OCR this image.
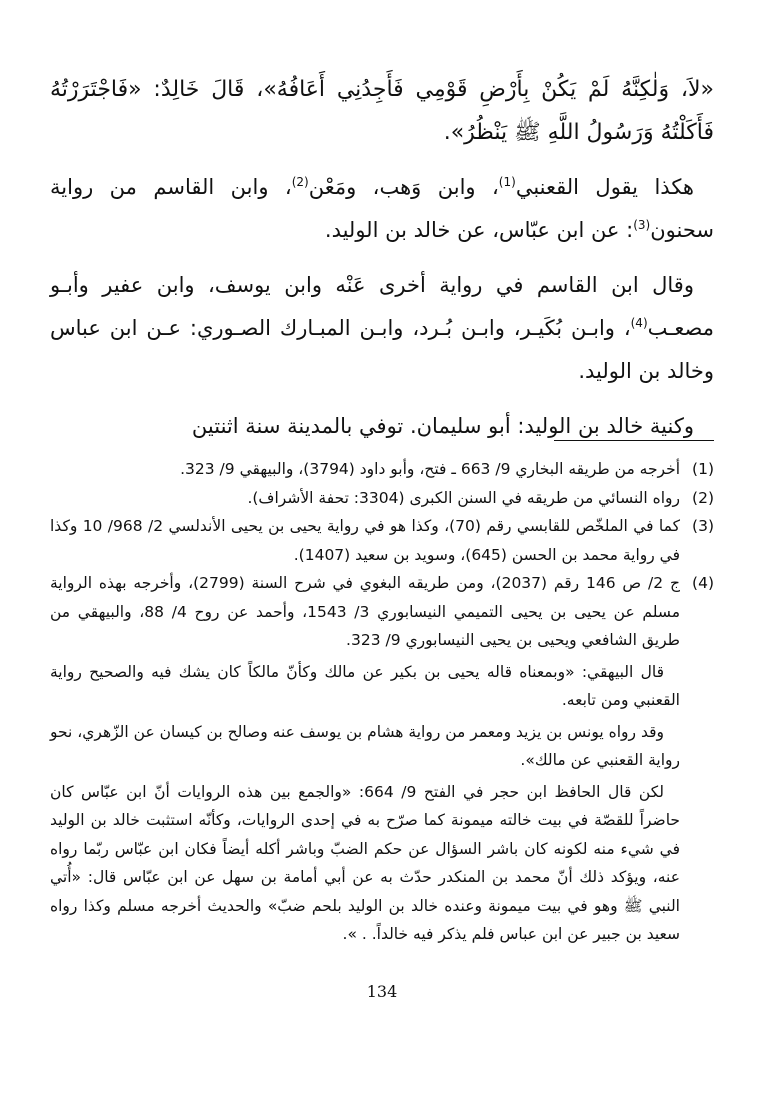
«لاَ، وَلٰكِنَّهُ لَمْ يَكُنْ بِأَرْضِ قَوْمِي فَأَجِدُنِي أَعَافُهُ»، قَالَ خَالِدٌ: «فَاجْتَرَرْتُهُ فَأَكَلْتُهُ وَرَسُولُ اللَّهِ ﷺ يَنْظُرُ».

هكذا يقول القعنبي$^{(1)}$، وابن وَهب، ومَعْن$^{(2)}$، وابن القاسم من رواية سحنون$^{(3)}$: عن ابن عبّاس، عن خالد بن الوليد.

وقال ابن القاسم في رواية أخرى عَنْه وابن يوسف، وابن عفير وأبـو مصعـب$^{(4)}$، وابـن بُكَيـر، وابـن بُـرد، وابـن المبـارك الصـوري: عـن ابن عباس وخالد بن الوليد.

وكنية خالد بن الوليد: أبو سليمان. توفي بالمدينة سنة اثنتين

(1)

أخرجه من طريقه البخاري 9/ 663 ـ فتح، وأبو داود (3794)، والبيهقي 9/ 323.

(2)

رواه النسائي من طريقه في السنن الكبرى (3304: تحفة الأشراف).

(3)

كما في الملخّص للقابسي رقم (70)، وكذا هو في رواية يحيى بن يحيى الأندلسي 2/ 968/ 10 وكذا في رواية محمد بن الحسن (645)، وسويد بن سعيد (1407).

(4)

ج 2/ ص 146 رقم (2037)، ومن طريقه البغوي في شرح السنة (2799)، وأخرجه بهذه الرواية مسلم عن يحيى بن يحيى التميمي النيسابوري 3/ 1543، وأحمد عن روح 4/ 88، والبيهقي من طريق الشافعي ويحيى بن يحيى النيسابوري 9/ 323.

قال البيهقي: «وبمعناه قاله يحيى بن بكير عن مالك وكأنّ مالكاً كان يشك فيه والصحيح رواية القعنبي ومن تابعه.

وقد رواه يونس بن يزيد ومعمر من رواية هشام بن يوسف عنه وصالح بن كيسان عن الزّهري، نحو رواية القعنبي عن مالك».

لكن قال الحافظ ابن حجر في الفتح 9/ 664: «والجمع بين هذه الروايات أنّ ابن عبّاس كان حاضراً للقصّة في بيت خالته ميمونة كما صرّح به في إحدى الروايات، وكأنّه استثبت خالد بن الوليد في شيء منه لكونه كان باشر السؤال عن حكم الضبّ وباشر أكله أيضاً فكان ابن عبّاس ربّما رواه عنه، ويؤكد ذلك أنّ محمد بن المنكدر حدّث به عن أبي أمامة بن سهل عن ابن عبّاس قال: «أُتي النبي ﷺ وهو في بيت ميمونة وعنده خالد بن الوليد بلحم ضبّ» والحديث أخرجه مسلم وكذا رواه سعيد بن جبير عن ابن عباس فلم يذكر فيه خالداً. . ».

134
